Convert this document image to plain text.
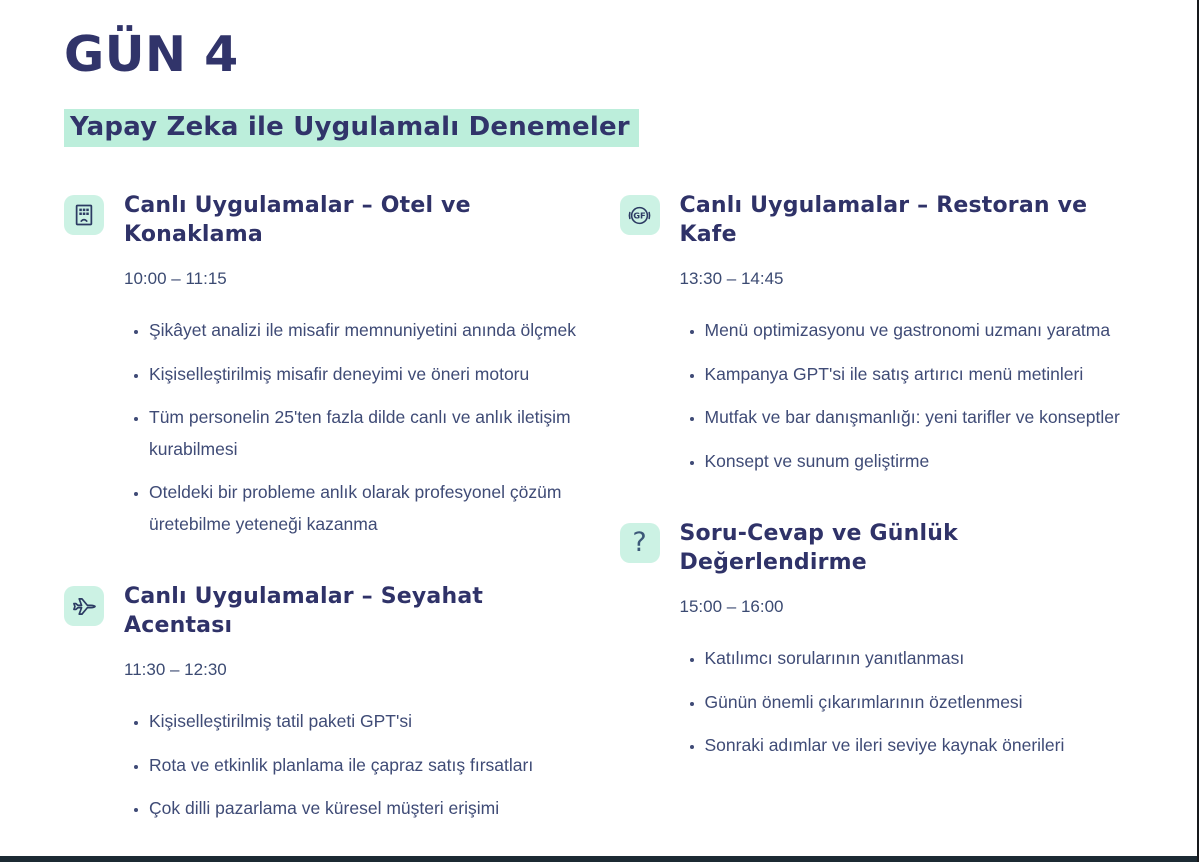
GÜN 4
Yapay Zeka ile Uygulamalı Denemeler
Canlı Uygulamalar – Otel ve Konaklama
10:00 – 11:15
• Şikâyet analizi ile misafir memnuniyetini anında ölçmek
• Kişiselleştirilmiş misafir deneyimi ve öneri motoru
• Tüm personelin 25'ten fazla dilde canlı ve anlık iletişim kurabilmesi
• Oteldeki bir probleme anlık olarak profesyonel çözüm üretebilme yeteneği kazanma
Canlı Uygulamalar – Seyahat Acentası
11:30 – 12:30
• Kişiselleştirilmiş tatil paketi GPT'si
• Rota ve etkinlik planlama ile çapraz satış fırsatları
• Çok dilli pazarlama ve küresel müşteri erişimi
GF Canlı Uygulamalar – Restoran ve Kafe
13:30 – 14:45
• Menü optimizasyonu ve gastronomi uzmanı yaratma
• Kampanya GPT'si ile satış artırıcı menü metinleri
• Mutfak ve bar danışmanlığı: yeni tarifler ve konseptler
• Konsept ve sunum geliştirme
? Soru-Cevap ve Günlük Değerlendirme
15:00 – 16:00
• Katılımcı sorularının yanıtlanması
• Günün önemli çıkarımlarının özetlenmesi
• Sonraki adımlar ve ileri seviye kaynak önerileri
